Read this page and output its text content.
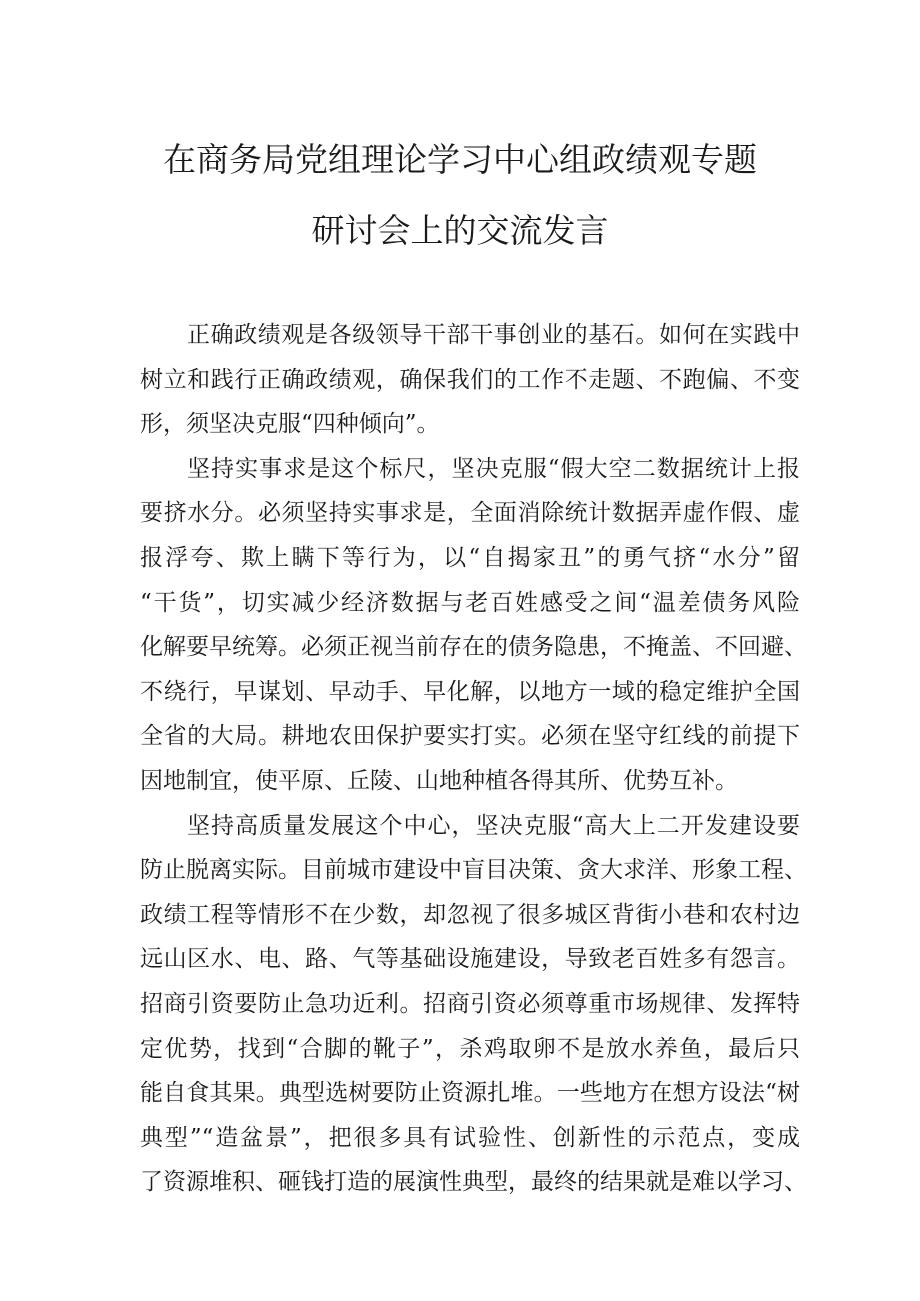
在商务局党组理论学习中心组政绩观专题
研讨会上的交流发言
正确政绩观是各级领导干部干事创业的基石。如何在实践中
树立和践行正确政绩观，确保我们的工作不走题、不跑偏、不变
形，须坚决克服“四种倾向”。
坚持实事求是这个标尺，坚决克服“假大空二数据统计上报
要挤水分。必须坚持实事求是，全面消除统计数据弄虚作假、虚
报浮夸、欺上瞒下等行为，以“自揭家丑”的勇气挤“水分”留
“干货”，切实减少经济数据与老百姓感受之间“温差债务风险
化解要早统筹。必须正视当前存在的债务隐患，不掩盖、不回避、
不绕行，早谋划、早动手、早化解，以地方一域的稳定维护全国
全省的大局。耕地农田保护要实打实。必须在坚守红线的前提下
因地制宜，使平原、丘陵、山地种植各得其所、优势互补。
坚持高质量发展这个中心，坚决克服“高大上二开发建设要
防止脱离实际。目前城市建设中盲目决策、贪大求洋、形象工程、
政绩工程等情形不在少数，却忽视了很多城区背街小巷和农村边
远山区水、电、路、气等基础设施建设，导致老百姓多有怨言。
招商引资要防止急功近利。招商引资必须尊重市场规律、发挥特
定优势，找到“合脚的靴子”，杀鸡取卵不是放水养鱼，最后只
能自食其果。典型选树要防止资源扎堆。一些地方在想方设法“树
典型”“造盆景”，把很多具有试验性、创新性的示范点，变成
了资源堆积、砸钱打造的展演性典型，最终的结果就是难以学习、
